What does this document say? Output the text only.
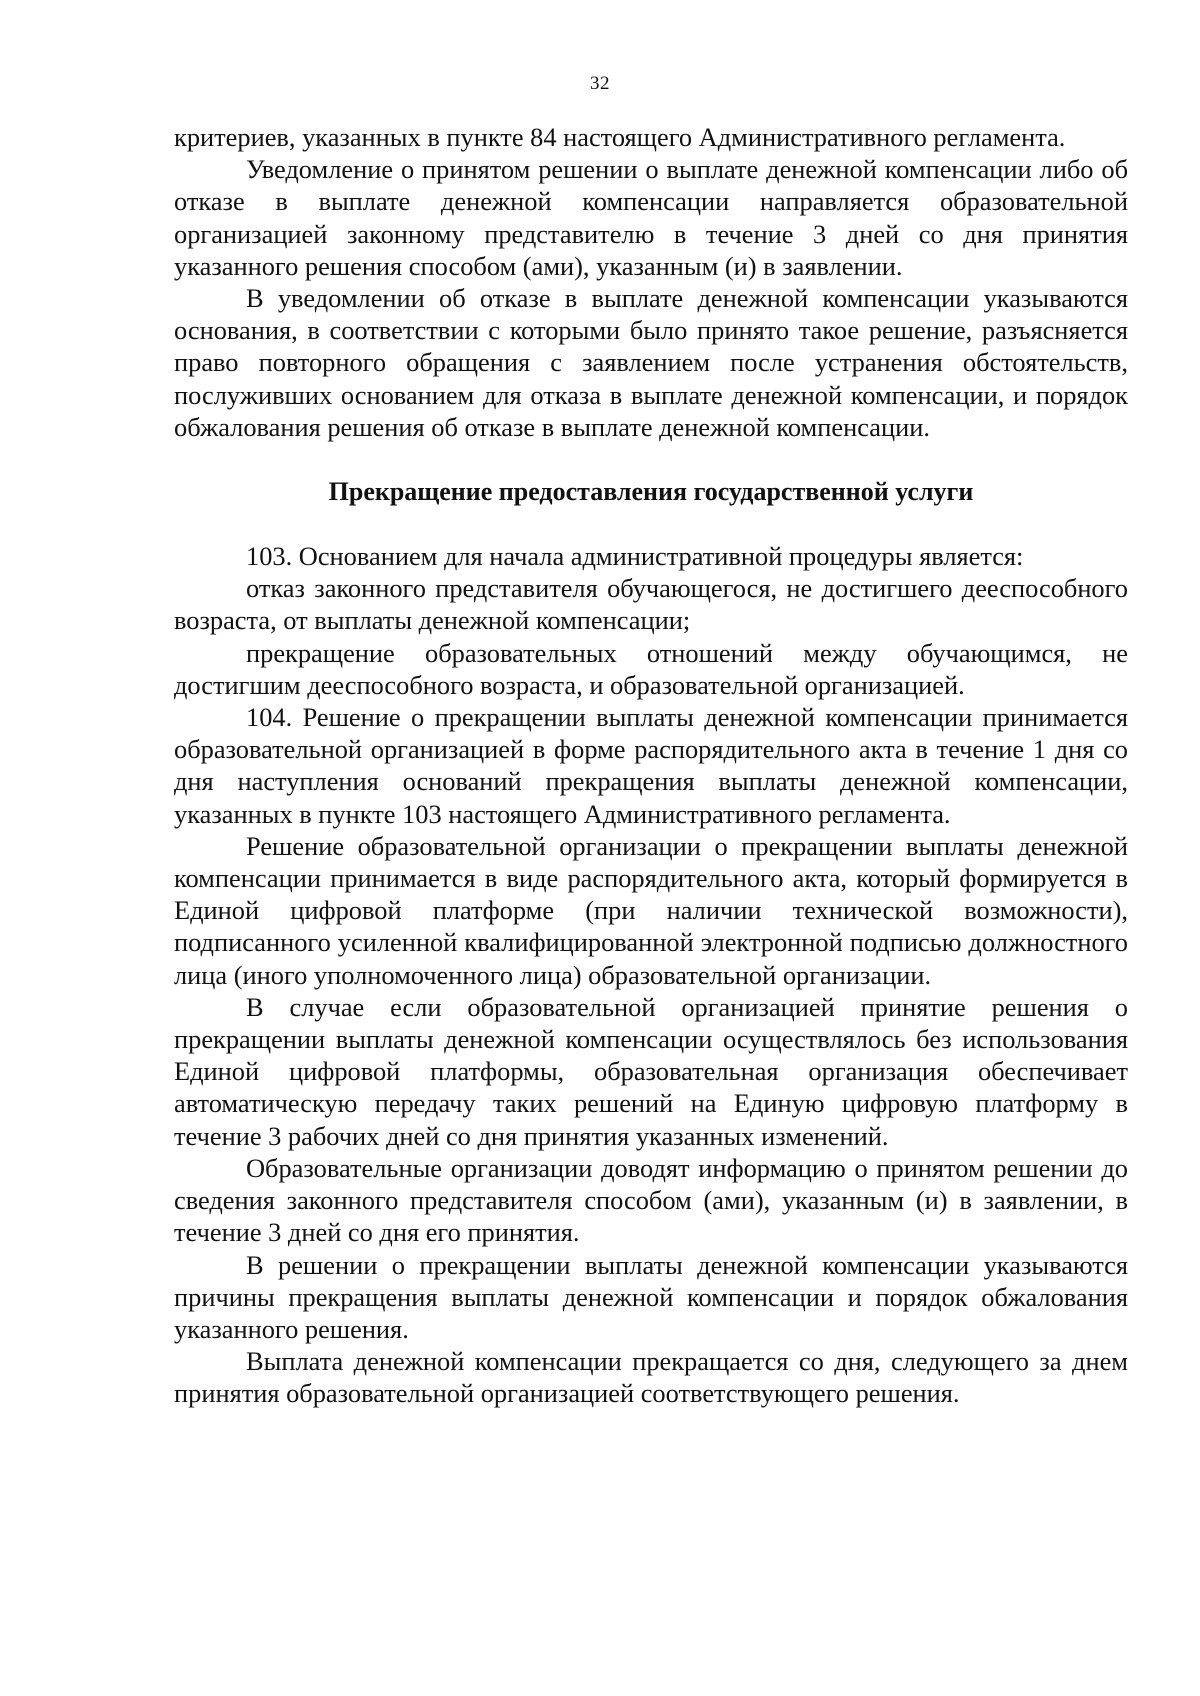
32

критериев, указанных в пункте 84 настоящего Административного регламента.

Уведомление о принятом решении о выплате денежной компенсации либо об отказе в выплате денежной компенсации направляется образовательной организацией законному представителю в течение 3 дней со дня принятия указанного решения способом (ами), указанным (и) в заявлении.

В уведомлении об отказе в выплате денежной компенсации указываются основания, в соответствии с которыми было принято такое решение, разъясняется право повторного обращения с заявлением после устранения обстоятельств, послуживших основанием для отказа в выплате денежной компенсации, и порядок обжалования решения об отказе в выплате денежной компенсации.

Прекращение предоставления государственной услуги

103. Основанием для начала административной процедуры является:

отказ законного представителя обучающегося, не достигшего дееспособного возраста, от выплаты денежной компенсации;

прекращение образовательных отношений между обучающимся, не достигшим дееспособного возраста, и образовательной организацией.

104. Решение о прекращении выплаты денежной компенсации принимается образовательной организацией в форме распорядительного акта в течение 1 дня со дня наступления оснований прекращения выплаты денежной компенсации, указанных в пункте 103 настоящего Административного регламента.

Решение образовательной организации о прекращении выплаты денежной компенсации принимается в виде распорядительного акта, который формируется в Единой цифровой платформе (при наличии технической возможности), подписанного усиленной квалифицированной электронной подписью должностного лица (иного уполномоченного лица) образовательной организации.

В случае если образовательной организацией принятие решения о прекращении выплаты денежной компенсации осуществлялось без использования Единой цифровой платформы, образовательная организация обеспечивает автоматическую передачу таких решений на Единую цифровую платформу в течение 3 рабочих дней со дня принятия указанных изменений.

Образовательные организации доводят информацию о принятом решении до сведения законного представителя способом (ами), указанным (и) в заявлении, в течение 3 дней со дня его принятия.

В решении о прекращении выплаты денежной компенсации указываются причины прекращения выплаты денежной компенсации и порядок обжалования указанного решения.

Выплата денежной компенсации прекращается со дня, следующего за днем принятия образовательной организацией соответствующего решения.
